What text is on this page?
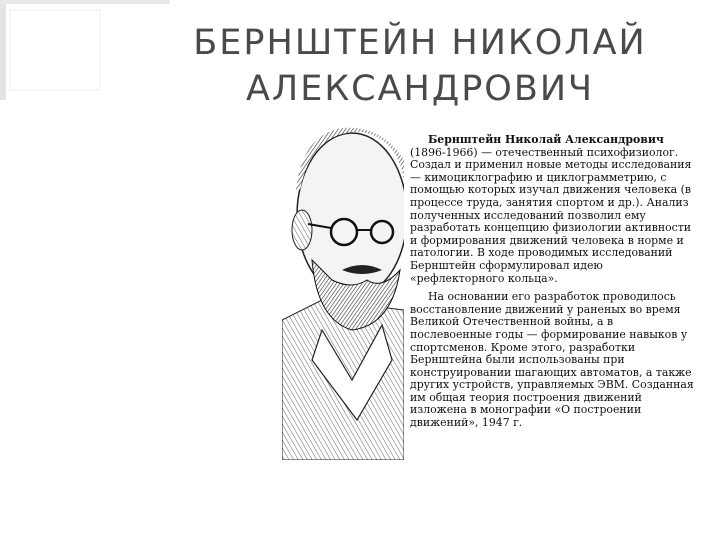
БЕРНШТЕЙН НИКОЛАЙ
АЛЕКСАНДРОВИЧ

Бернштейн Николай Александрович (1896-1966) — отечественный психофизиолог. Создал и применил новые методы исследования — кимоциклографию и циклограмметрию, с помощью которых изучал движения человека (в процессе труда, занятия спортом и др.). Анализ полученных исследований позволил ему разработать концепцию физиологии активности и формирования движений человека в норме и патологии. В ходе проводимых исследований Бернштейн сформулировал идею «рефлекторного кольца».

На основании его разработок проводилось восстановление движений у раненых во время Великой Отечественной войны, а в послевоенные годы — формирование навыков у спортсменов. Кроме этого, разработки Бернштейна были использованы при конструировании шагающих автоматов, а также других устройств, управляемых ЭВМ. Созданная им общая теория построения движений изложена в монографии «О построении движений», 1947 г.
